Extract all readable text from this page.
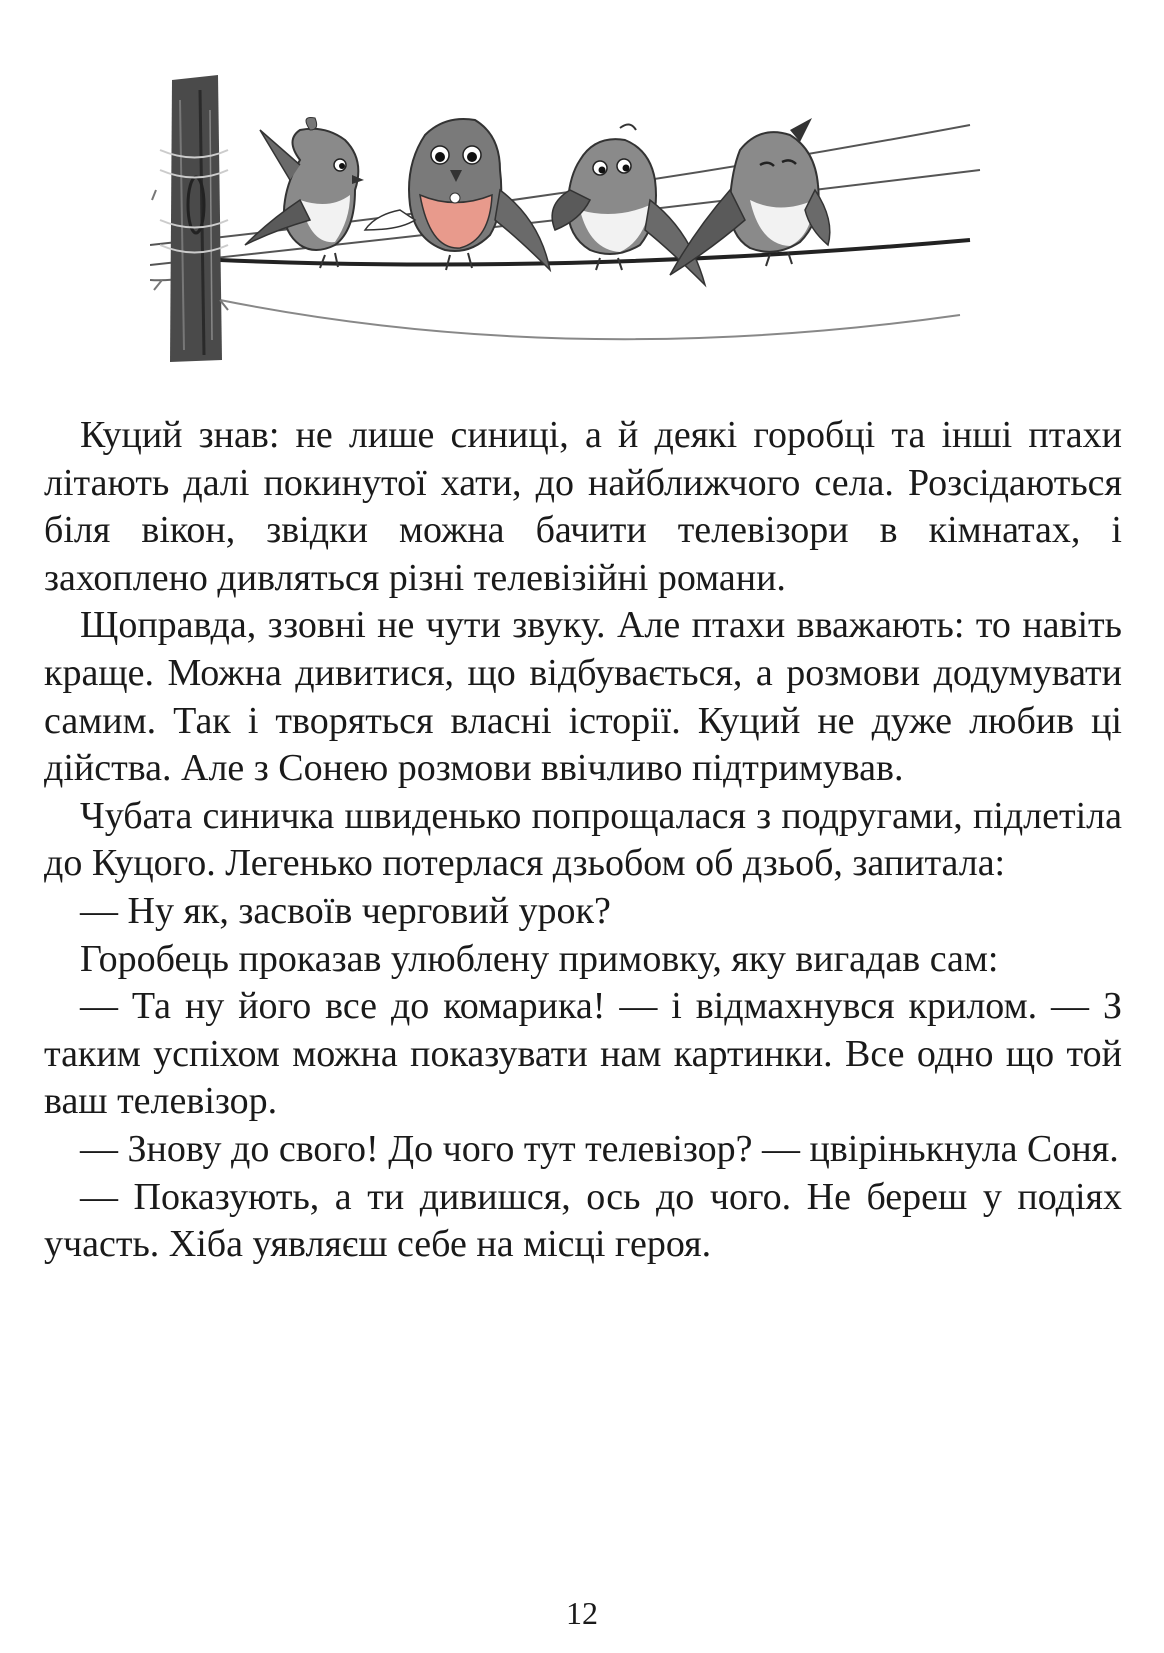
Куций знав: не лише синиці, а й деякі горобці та інші птахи літають далі покинутої хати, до найближчого села. Розсідаються біля вікон, звідки можна бачити телевізори в кімнатах, і захоплено дивляться різні телевізійні романи.

Щоправда, ззовні не чути звуку. Але птахи вважають: то навіть краще. Можна дивитися, що відбувається, а розмови додумувати самим. Так і творяться власні історії. Куций не дуже любив ці дійства. Але з Сонею розмови ввічливо підтримував.

Чубата синичка швиденько попрощалася з подругами, підлетіла до Куцого. Легенько потерлася дзьобом об дзьоб, запитала:

— Ну як, засвоїв черговий урок?

Горобець проказав улюблену примовку, яку вигадав сам:

— Та ну його все до комарика! — і відмахнувся крилом. — З таким успіхом можна показувати нам картинки. Все одно що той ваш телевізор.

— Знову до свого! До чого тут телевізор? — цвірінькнула Соня.

— Показують, а ти дивишся, ось до чого. Не береш у подіях участь. Хіба уявляєш себе на місці героя.

12
